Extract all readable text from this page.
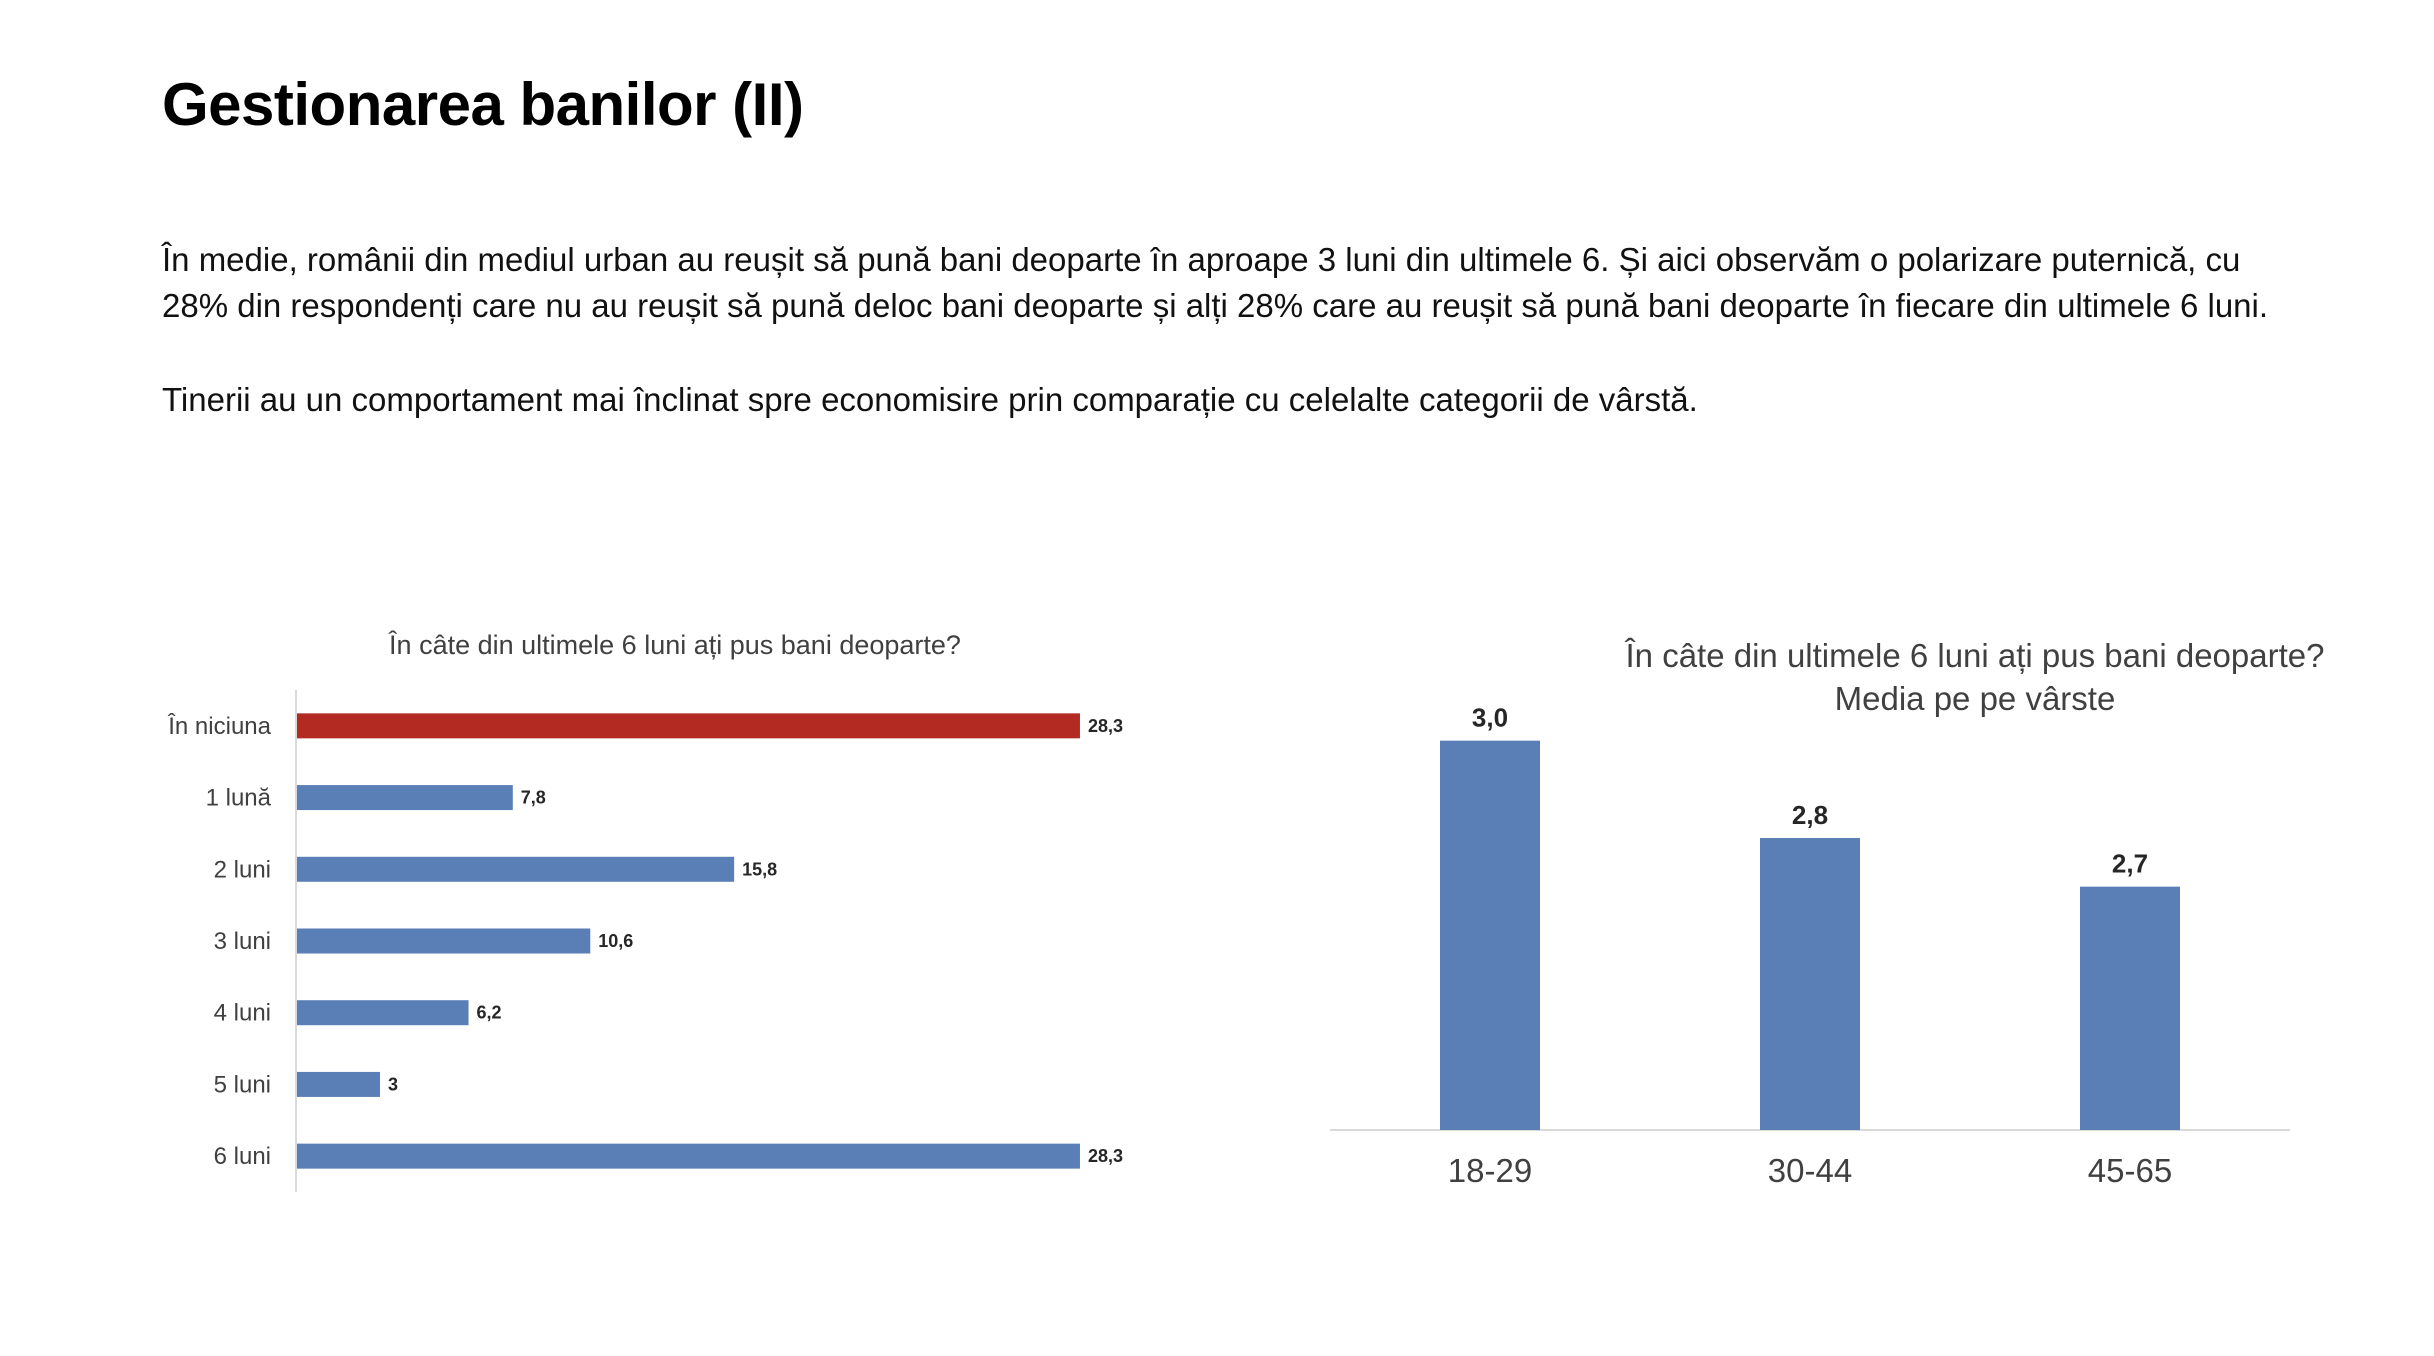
Gestionarea banilor (II)

În medie, românii din mediul urban au reușit să pună bani deoparte în aproape 3 luni din ultimele 6. Și aici observăm o polarizare puternică, cu 28% din respondenți care nu au reușit să pună deloc bani deoparte și alți 28% care au reușit să pună bani deoparte în fiecare din ultimele 6 luni.

Tinerii au un comportament mai înclinat spre economisire prin comparație cu celelalte categorii de vârstă.

În câte din ultimele 6 luni ați pus bani deoparte?	În câte din ultimele 6 luni ați pus bani deoparte?
Media pe pe vârste
În niciuna	28,3
1 lună	7,8
2 luni	15,8
3 luni	10,6
4 luni	6,2
5 luni	3
6 luni	28,3
3,0
18-29
2,8
30-44
2,7
45-65
